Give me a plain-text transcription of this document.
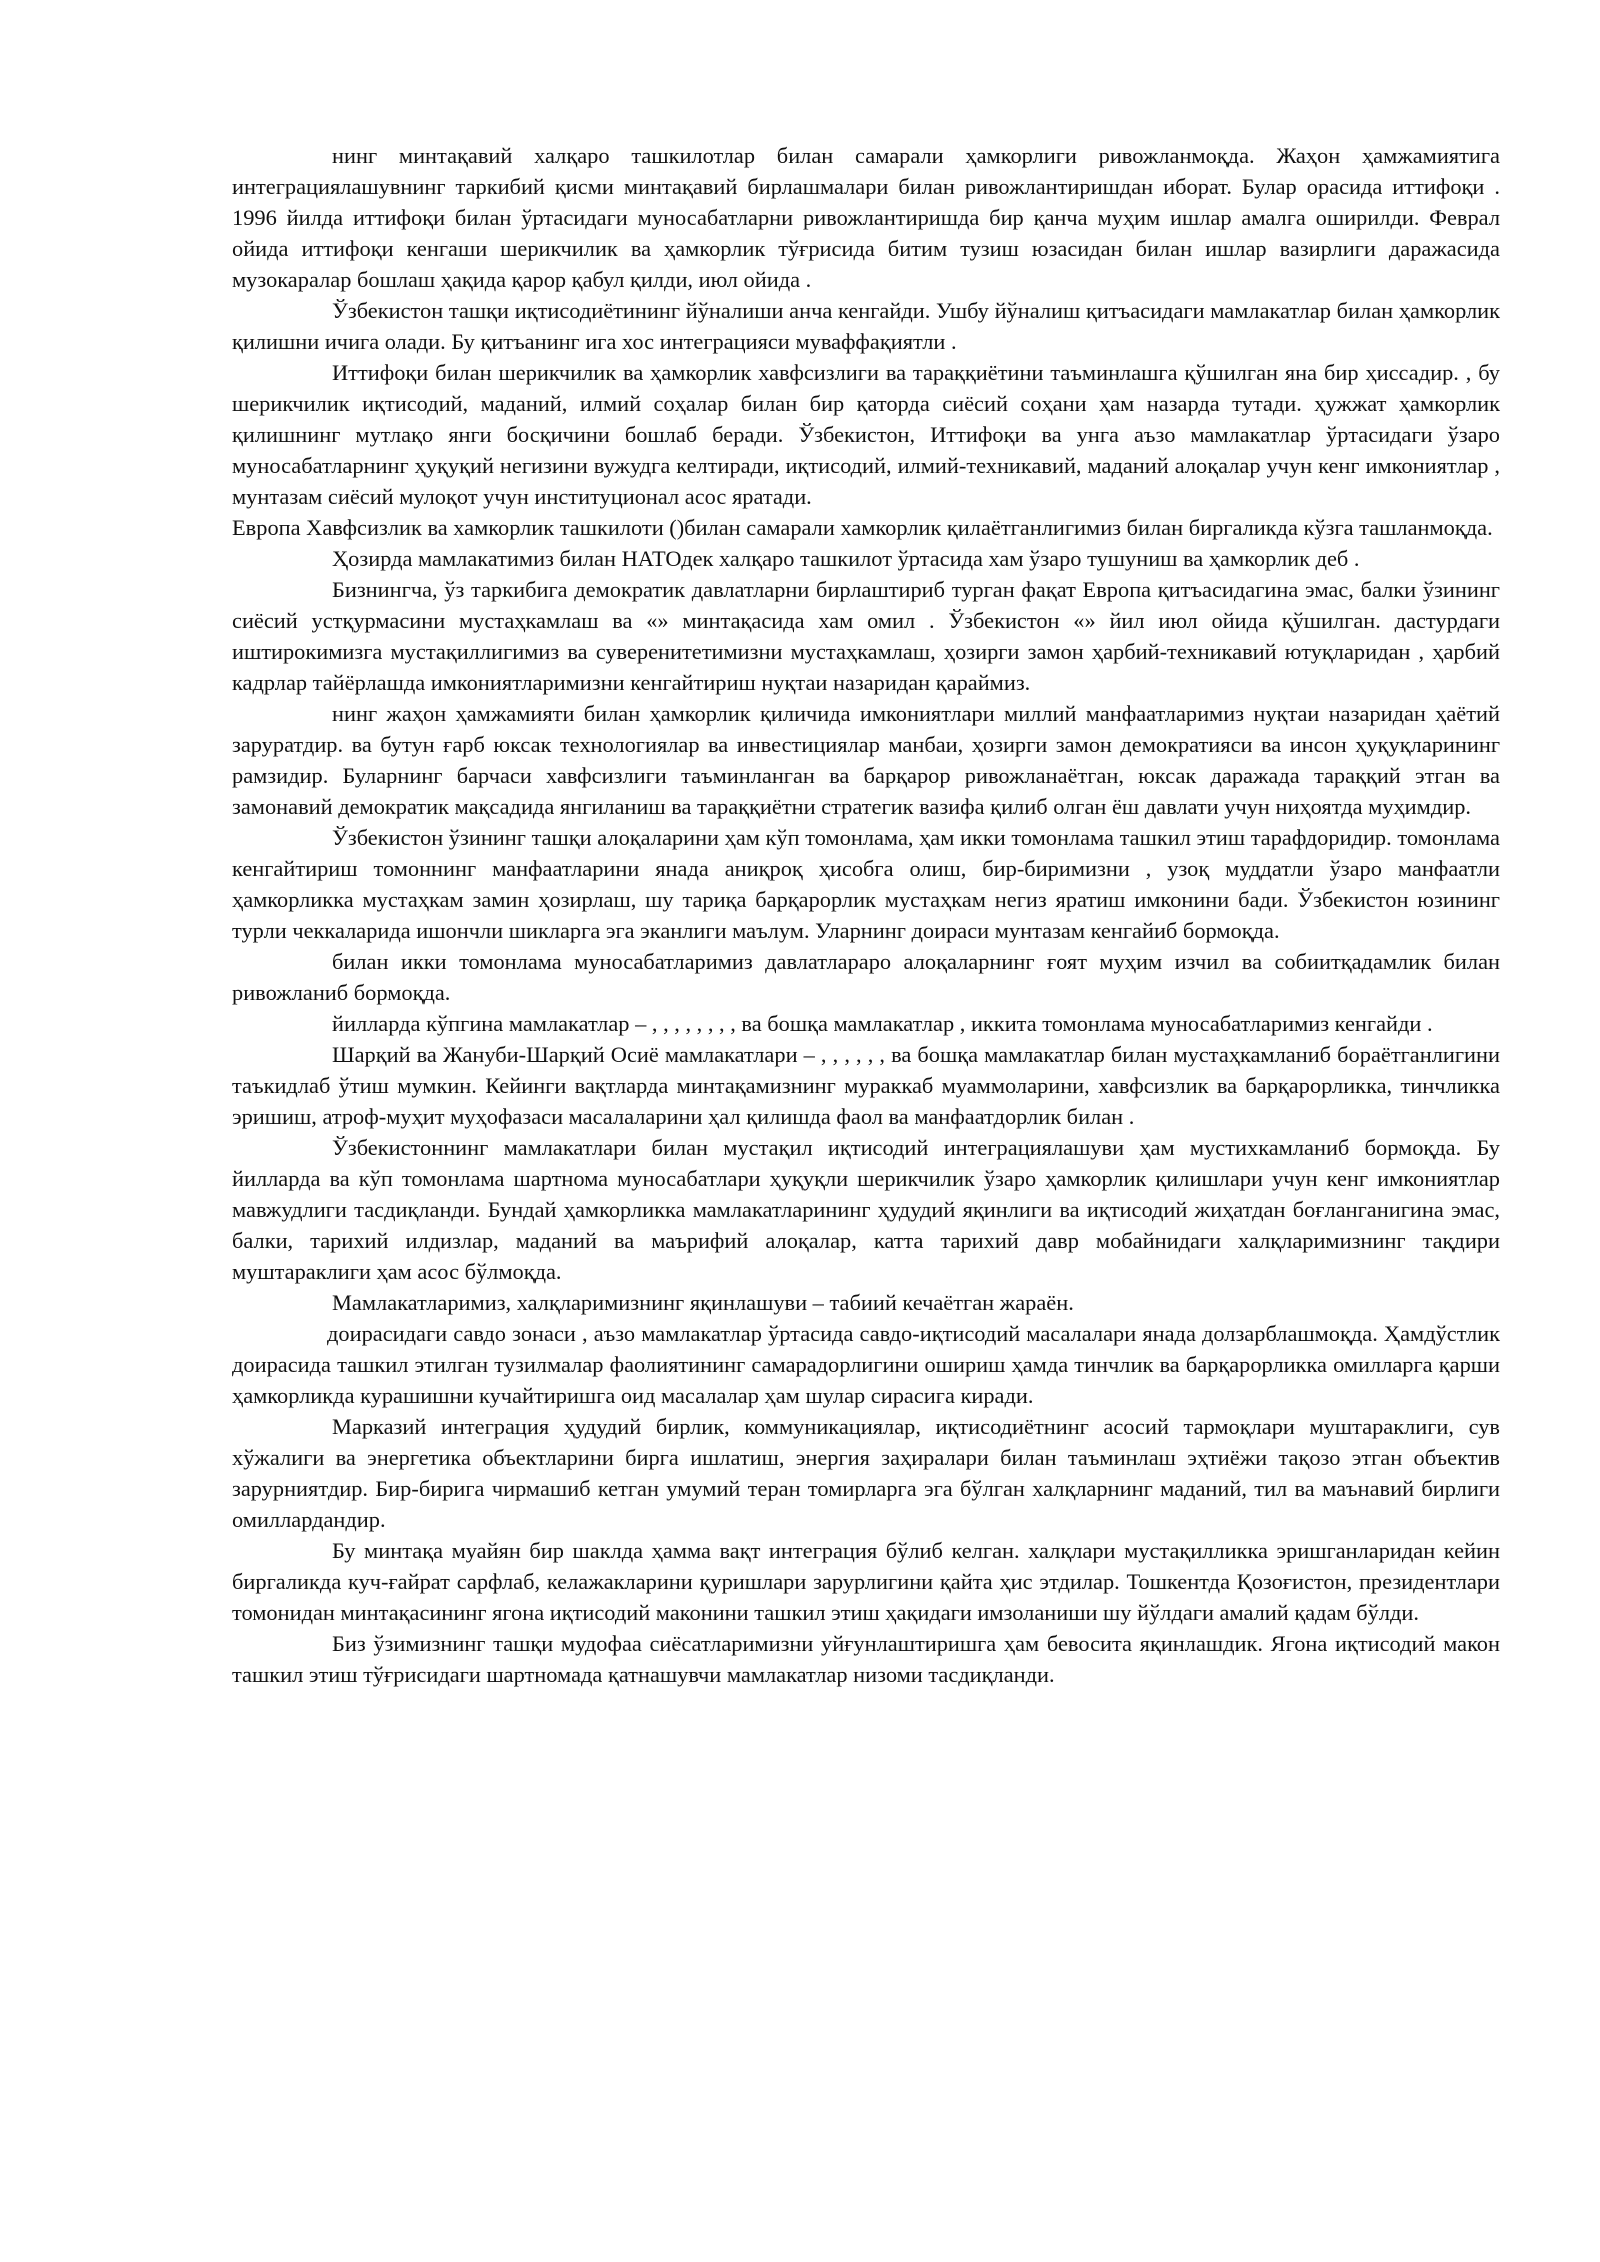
нинг минтақавий халқаро ташкилотлар билан самарали ҳамкорлиги ривожланмоқда. Жаҳон ҳамжамиятига интеграциялашувнинг таркибий қисми минтақавий бирлашмалари билан ривожлантиришдан иборат. Булар орасида иттифоқи . 1996 йилда иттифоқи билан ўртасидаги муносабатларни ривожлантиришда бир қанча муҳим ишлар амалга оширилди. Феврал ойида иттифоқи кенгаши шерикчилик ва ҳамкорлик тўғрисида битим тузиш юзасидан билан ишлар вазирлиги даражасида музокаралар бошлаш ҳақида қарор қабул қилди, июл ойида .

Ўзбекистон ташқи иқтисодиётининг йўналиши анча кенгайди. Ушбу йўналиш қитъасидаги мамлакатлар билан ҳамкорлик қилишни ичига олади. Бу қитъанинг ига хос интеграцияси муваффақиятли .

Иттифоқи билан шерикчилик ва ҳамкорлик хавфсизлиги ва тараққиётини таъминлашга қўшилган яна бир ҳиссадир. , бу шерикчилик иқтисодий, маданий, илмий соҳалар билан бир қаторда сиёсий соҳани ҳам назарда тутади. ҳужжат ҳамкорлик қилишнинг мутлақо янги босқичини бошлаб беради. Ўзбекистон, Иттифоқи ва унга аъзо мамлакатлар ўртасидаги ўзаро муносабатларнинг ҳуқуқий негизини вужудга келтиради, иқтисодий, илмий-техникавий, маданий алоқалар учун кенг имкониятлар , мунтазам сиёсий мулоқот учун институционал асос яратади.

Европа Хавфсизлик ва хамкорлик ташкилоти ()билан самарали хамкорлик қилаётганлигимиз билан биргаликда кўзга ташланмоқда.

Ҳозирда мамлакатимиз билан НАТОдек халқаро ташкилот ўртасида хам ўзаро тушуниш ва ҳамкорлик деб .

Бизнингча, ўз таркибига демократик давлатларни бирлаштириб турган фақат Европа қитъасидагина эмас, балки ўзининг сиёсий устқурмасини мустаҳкамлаш ва «» минтақасида хам омил . Ўзбекистон «» йил июл ойида қўшилган. дастурдаги иштирокимизга мустақиллигимиз ва суверенитетимизни мустаҳкамлаш, ҳозирги замон ҳарбий-техникавий ютуқларидан , ҳарбий кадрлар тайёрлашда имкониятларимизни кенгайтириш нуқтаи назаридан қараймиз.

нинг жаҳон ҳамжамияти билан ҳамкорлик қиличида имкониятлари миллий манфаатларимиз нуқтаи назаридан ҳаётий заруратдир. ва бутун ғарб юксак технологиялар ва инвестициялар манбаи, ҳозирги замон демократияси ва инсон ҳуқуқларининг рамзидир. Буларнинг барчаси хавфсизлиги таъминланган ва барқарор ривожланаётган, юксак даражада тараққий этган ва замонавий демократик мақсадида янгиланиш ва тараққиётни стратегик вазифа қилиб олган ёш давлати учун ниҳоятда муҳимдир.

Ўзбекистон ўзининг ташқи алоқаларини ҳам кўп томонлама, ҳам икки томонлама ташкил этиш тарафдоридир. томонлама кенгайтириш томоннинг манфаатларини янада аниқроқ ҳисобга олиш, бир-биримизни , узоқ муддатли ўзаро манфаатли ҳамкорликка мустаҳкам замин ҳозирлаш, шу тариқа барқарорлик мустаҳкам негиз яратиш имконини бади. Ўзбекистон юзининг турли чеккаларида ишончли шикларга эга эканлиги маълум. Уларнинг доираси мунтазам кенгайиб бормоқда.

билан икки томонлама муносабатларимиз давлатлараро алоқаларнинг ғоят муҳим изчил ва собиитқадамлик билан ривожланиб бормоқда.

йилларда кўпгина мамлакатлар – , , , , , , , , ва бошқа мамлакатлар , иккита томонлама муносабатларимиз кенгайди .

Шарқий ва Жануби-Шарқий Осиё мамлакатлари – , , , , , , ва бошқа мамлакатлар билан мустаҳкамланиб бораётганлигини таъкидлаб ўтиш мумкин. Кейинги вақтларда минтақамизнинг мураккаб муаммоларини, хавфсизлик ва барқарорликка, тинчликка эришиш, атроф-муҳит муҳофазаси масалаларини ҳал қилишда фаол ва манфаатдорлик билан .

Ўзбекистоннинг мамлакатлари билан мустақил иқтисодий интеграциялашуви ҳам мустихкамланиб бормоқда. Бу йилларда ва кўп томонлама шартнома муносабатлари ҳуқуқли шерикчилик ўзаро ҳамкорлик қилишлари учун кенг имкониятлар мавжудлиги тасдиқланди. Бундай ҳамкорликка мамлакатларининг ҳудудий яқинлиги ва иқтисодий жиҳатдан боғланганигина эмас, балки, тарихий илдизлар, маданий ва маърифий алоқалар, катта тарихий давр мобайнидаги халқларимизнинг тақдири муштараклиги ҳам асос бўлмоқда.

Мамлакатларимиз, халқларимизнинг яқинлашуви – табиий кечаётган жараён.

доирасидаги савдо зонаси , аъзо мамлакатлар ўртасида савдо-иқтисодий масалалари янада долзарблашмоқда. Ҳамдўстлик доирасида ташкил этилган тузилмалар фаолиятининг самарадорлигини ошириш ҳамда тинчлик ва барқарорликка омилларга қарши ҳамкорликда курашишни кучайтиришга оид масалалар ҳам шулар сирасига киради.

Марказий интеграция ҳудудий бирлик, коммуникациялар, иқтисодиётнинг асосий тармоқлари муштараклиги, сув хўжалиги ва энергетика объектларини бирга ишлатиш, энергия заҳиралари билан таъминлаш эҳтиёжи тақозо этган объектив зарурниятдир. Бир-бирига чирмашиб кетган умумий теран томирларга эга бўлган халқларнинг маданий, тил ва маънавий бирлиги омиллардандир.

Бу минтақа муайян бир шаклда ҳамма вақт интеграция бўлиб келган. халқлари мустақилликка эришганларидан кейин биргаликда куч-ғайрат сарфлаб, келажакларини қуришлари зарурлигини қайта ҳис этдилар. Тошкентда Қозоғистон, президентлари томонидан минтақасининг ягона иқтисодий маконини ташкил этиш ҳақидаги имзоланиши шу йўлдаги амалий қадам бўлди.

Биз ўзимизнинг ташқи мудофаа сиёсатларимизни уйғунлаштиришга ҳам бевосита яқинлашдик. Ягона иқтисодий макон ташкил этиш тўғрисидаги шартномада қатнашувчи мамлакатлар низоми тасдиқланди.
